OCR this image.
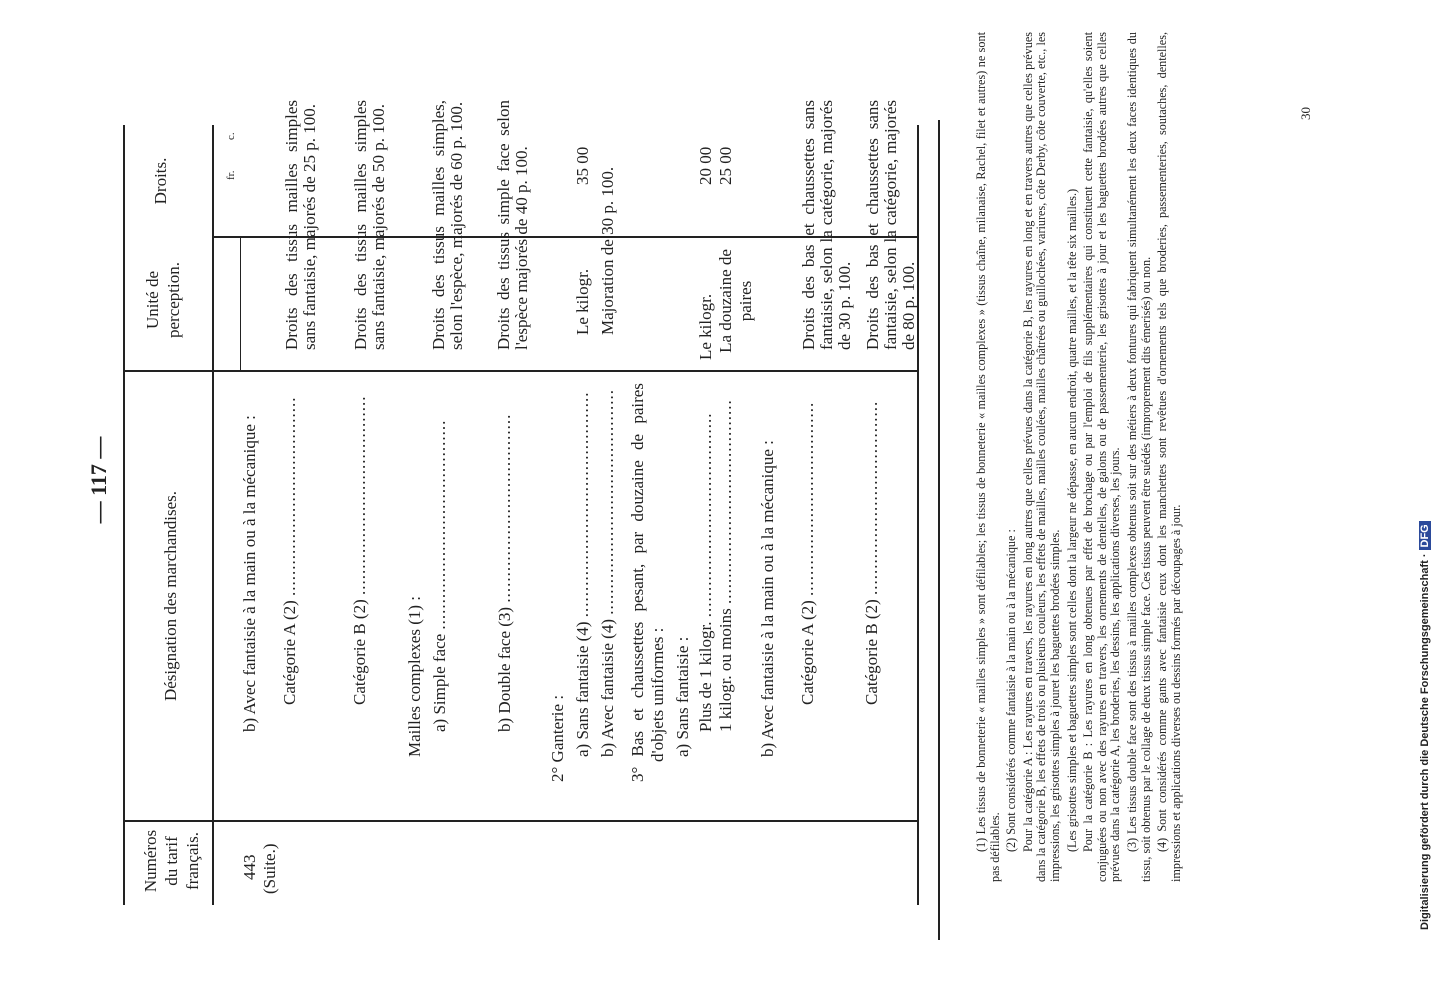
— 117 —
Numéros du tarif français.
Désignation des marchandises.
Unité de perception.
Droits.	fr.
c.
443 (Suite.)
b) Avec fantaisie à la main ou à la mécanique : Catégorie A (2) .....
Droits des tissus mailles simples sans fantaisie, majorés de 25 p. 100.
Catégorie B (2) .....
Droits des tissus mailles simples sans fantaisie, majorés de 50 p. 100.
Mailles complexes (1) : a) Simple face .....
Droits des tissus mailles simples, selon l'espèce, majorés de 60 p. 100.
b) Double face (3) .....
Droits des tissus simple face selon l'espèce majorés de 40 p. 100.
2° Ganterie : a) Sans fantaisie (4) .....
Le kilogr.
35 00
b) Avec fantaisie (4) .....
Majoration de 30 p. 100.
3° Bas et chaussettes pesant, par douzaine de paires d'objets uniformes : a) Sans fantaisie : Plus de 1 kilogr. .....
Le kilogr.
20 00
1 kilogr. ou moins .....
La douzaine de paires
25 00
b) Avec fantaisie à la main ou à la mécanique : Catégorie A (2) .....
Droits des bas et chaussettes sans fantaisie, selon la catégorie, majorés de 30 p. 100.
Catégorie B (2) .....
Droits des bas et chaussettes sans fantaisie, selon la catégorie, majorés de 80 p. 100.	(1) Les tissus de bonneterie « mailles simples » sont défilables; les tissus de bonneterie « mailles complexes » (tissus chaîne, milanaise, Rachel, filet et autres) ne sont pas défilables. (2) Sont considérés comme fantaisie à la main ou à la mécanique : Pour la catégorie A : Les rayures en travers, les rayures en long autres que celles prévues dans la catégorie B, les rayures en long et en travers autres que celles prévues dans la catégorie B, les effets de trois ou plusieurs couleurs, les effets de mailles, mailles coulées, mailles châtrées ou guillochées, variures, côte Derby, côte couverte, etc., les impressions, les grisottes simples à jouret les baguettes brodées simples. (Les grisottes simples et baguettes simples sont celles dont la largeur ne dépasse, en aucun endroit, quatre mailles, et la tête six mailles.) Pour la catégorie B : Les rayures en long obtenues par effet de brochage ou par l'emploi de fils supplémentaires qui constituent cette fantaisie, qu'elles soient conjuguées ou non avec des rayures en travers, les ornements de dentelles, de galons ou de passementerie, les grisottes à jour et les baguettes brodées autres que celles prévues dans la catégorie A, les broderies, les dessins, les applications diverses, les jours. (3) Les tissus double face sont des tissus à mailles complexes obtenus soit sur des métiers à deux fontures qui fabriquent simultanément les deux faces identiques du tissu, soit obtenus par le collage de deux tissus simple face. Ces tissus peuvent être suédés (improprement dits émerisés) ou non. (4) Sont considérés comme gants avec fantaisie ceux dont les manchettes sont revêtues d'ornements tels que broderies, passementeries, soutaches, dentelles, impressions et applications diverses ou dessins formés par découpages à jour.

30
Digitalisierung gefördert durch die Deutsche Forschungsgemeinschaft ·DFG
